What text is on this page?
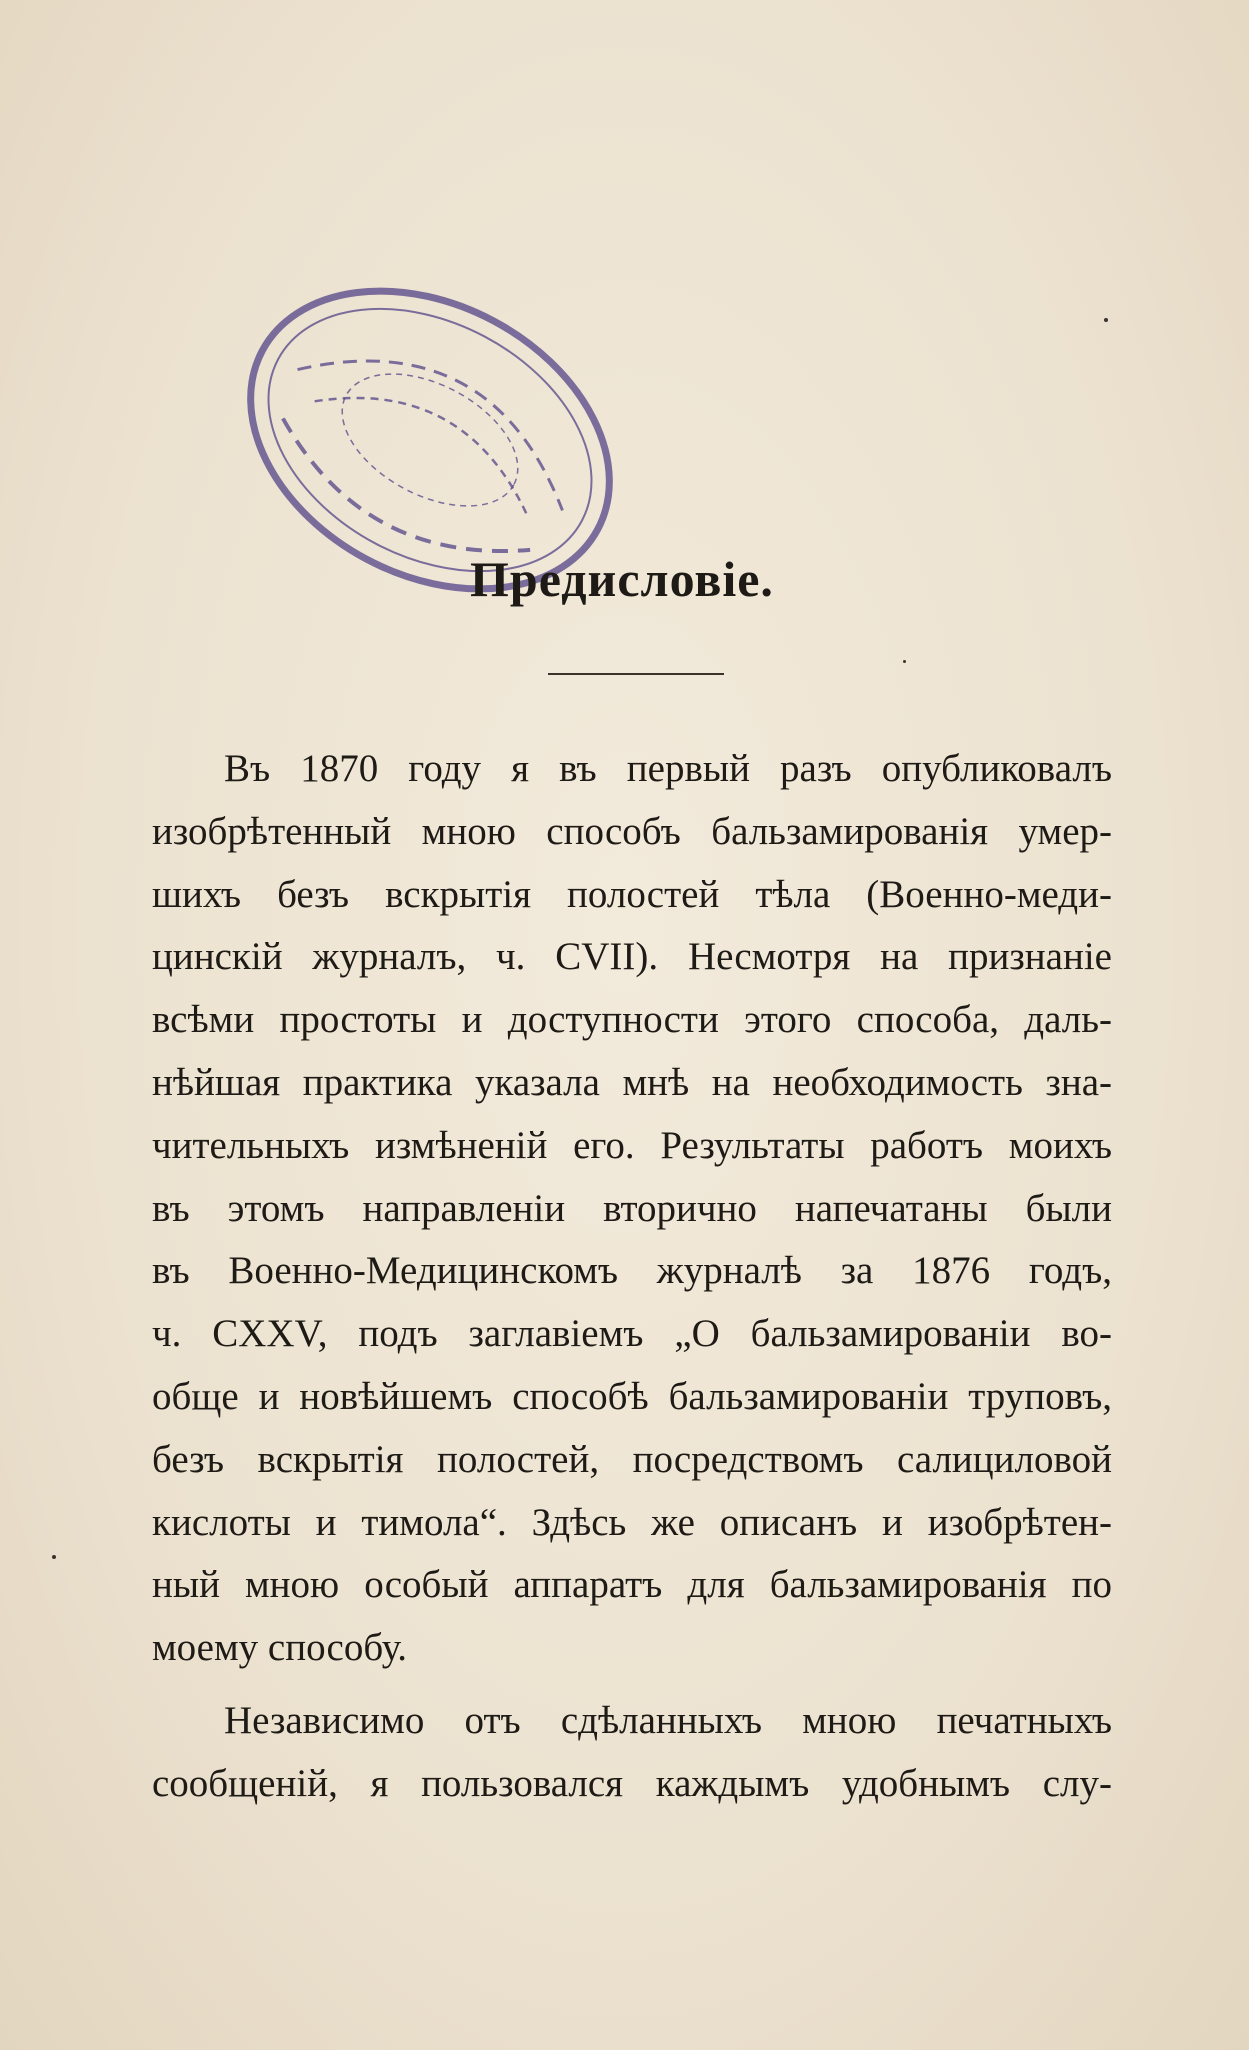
Предисловіе.
Въ 1870 году я въ первый разъ опубликовалъ
изобрѣтенный мною способъ бальзамированія умер-
шихъ безъ вскрытія полостей тѣла (Военно-меди-
цинскій журналъ, ч. CVII). Несмотря на признаніе
всѣми простоты и доступности этого способа, даль-
нѣйшая практика указала мнѣ на необходимость зна-
чительныхъ измѣненій его. Результаты работъ моихъ
въ этомъ направленіи вторично напечатаны были
въ Военно-Медицинскомъ журналѣ за 1876 годъ,
ч. CXXV, подъ заглавіемъ „О бальзамированіи во-
обще и новѣйшемъ способѣ бальзамированіи труповъ,
безъ вскрытія полостей, посредствомъ салициловой
кислоты и тимола“. Здѣсь же описанъ и изобрѣтен-
ный мною особый аппаратъ для бальзамированія по
моему способу.
Независимо отъ сдѣланныхъ мною печатныхъ
сообщеній, я пользовался каждымъ удобнымъ слу-
